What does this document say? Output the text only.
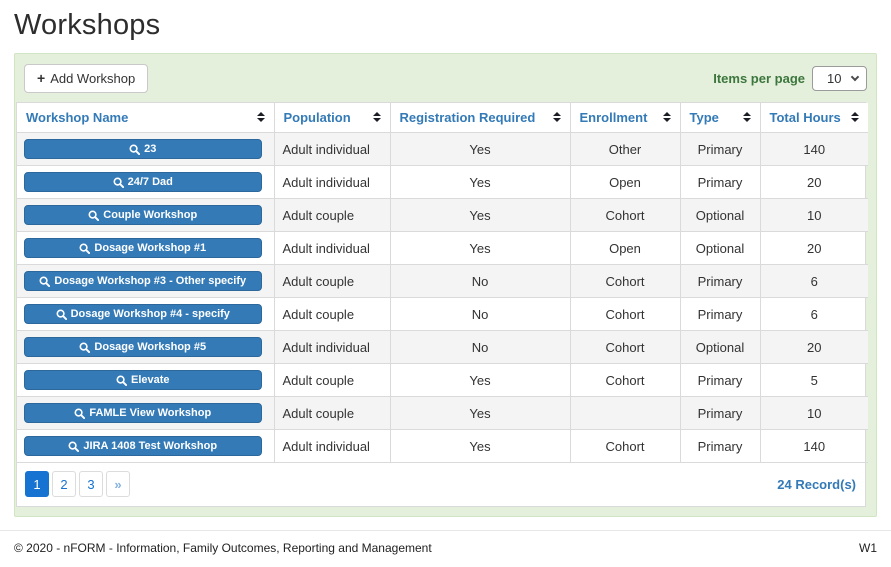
Workshops
+ Add Workshop	Items per page
10
Workshop Name	Population	Registration Required	Enrollment	Type	Total Hours

23	Adult individual	Yes	Other	Primary	140

24/7 Dad	Adult individual	Yes	Open	Primary	20

Couple Workshop	Adult couple	Yes	Cohort	Optional	10

Dosage Workshop #1	Adult individual	Yes	Open	Optional	20

Dosage Workshop #3 - Other specify	Adult couple	No	Cohort	Primary	6

Dosage Workshop #4 - specify	Adult couple	No	Cohort	Primary	6

Dosage Workshop #5	Adult individual	No	Cohort	Optional	20

Elevate	Adult couple	Yes	Cohort	Primary	5

FAMLE View Workshop	Adult couple	Yes		Primary	10

JIRA 1408 Test Workshop	Adult individual	Yes	Cohort	Primary	140
1	2	3	»	24 Record(s)
© 2020 - nFORM - Information, Family Outcomes, Reporting and Management	W1
